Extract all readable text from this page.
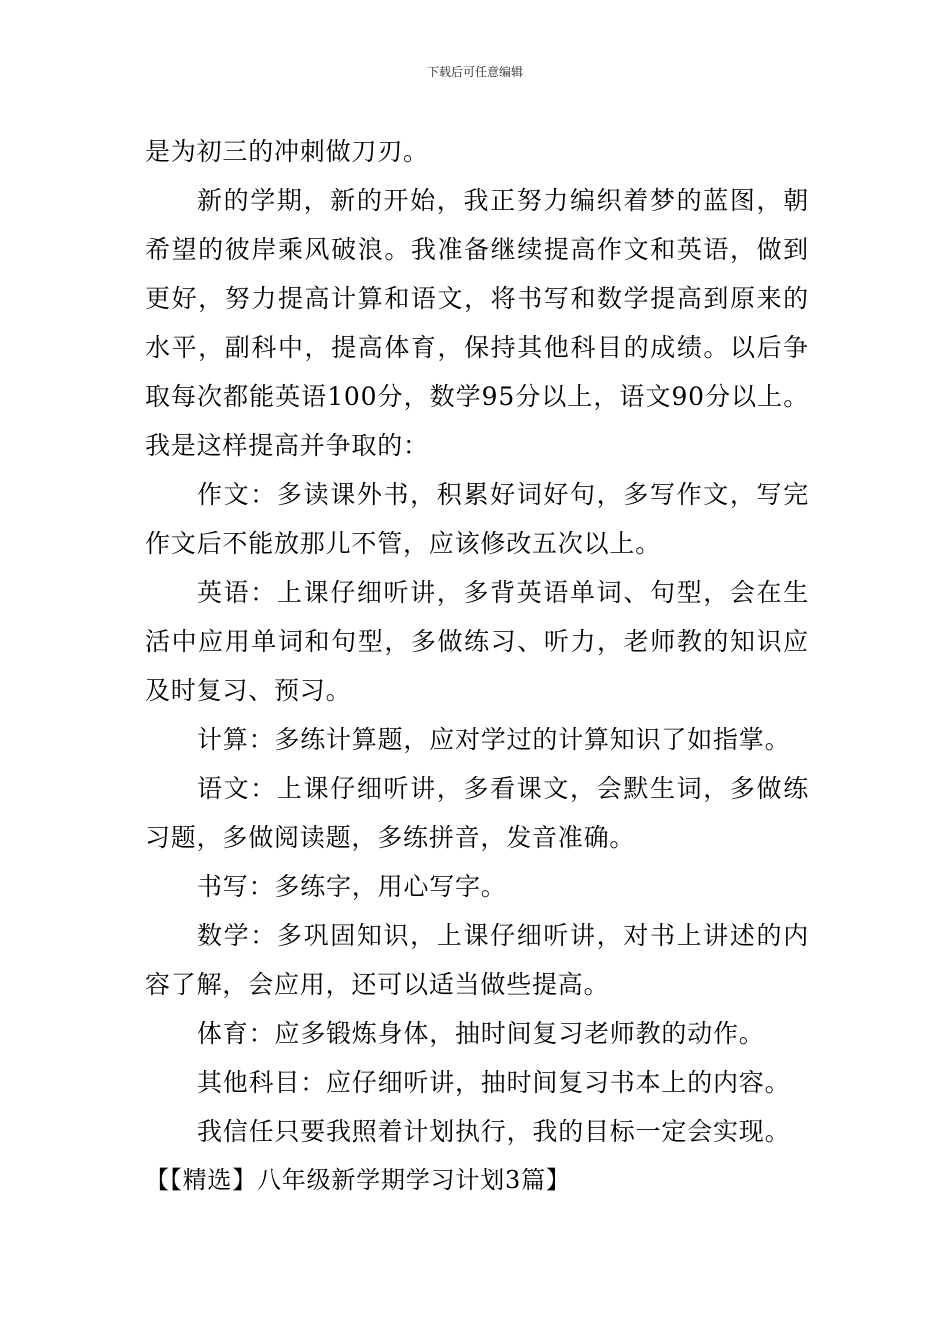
下载后可任意编辑

是为初三的冲刺做刀刃。

新的学期，新的开始，我正努力编织着梦的蓝图，朝希望的彼岸乘风破浪。我准备继续提高作文和英语，做到更好，努力提高计算和语文，将书写和数学提高到原来的水平，副科中，提高体育，保持其他科目的成绩。以后争取每次都能英语100分，数学95分以上，语文90分以上。我是这样提高并争取的：

作文：多读课外书，积累好词好句，多写作文，写完作文后不能放那儿不管，应该修改五次以上。

英语：上课仔细听讲，多背英语单词、句型，会在生活中应用单词和句型，多做练习、听力，老师教的知识应及时复习、预习。

计算：多练计算题，应对学过的计算知识了如指掌。

语文：上课仔细听讲，多看课文，会默生词，多做练习题，多做阅读题，多练拼音，发音准确。

书写：多练字，用心写字。

数学：多巩固知识，上课仔细听讲，对书上讲述的内容了解，会应用，还可以适当做些提高。

体育：应多锻炼身体，抽时间复习老师教的动作。

其他科目：应仔细听讲，抽时间复习书本上的内容。

我信任只要我照着计划执行，我的目标一定会实现。

【【精选】八年级新学期学习计划3篇】
